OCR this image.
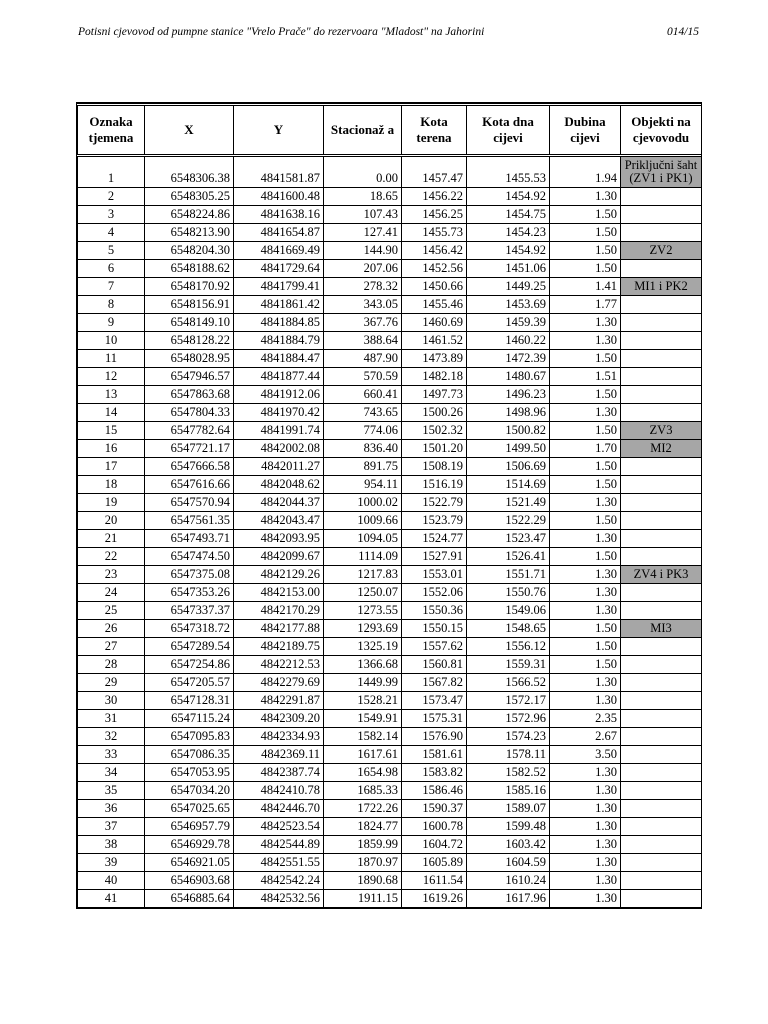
Potisni cjevovod od pumpne stanice "Vrelo Prače" do rezervoara "Mladost" na Jahorini	014/15
Oznaka tjemena	X	Y	Stacionaž a	Kota terena	Kota dna cijevi	Dubina cijevi	Objekti na cjevovodu
1	6548306.38	4841581.87	0.00	1457.47	1455.53	1.94	Priključni šaht (ZV1 i PK1)
2	6548305.25	4841600.48	18.65	1456.22	1454.92	1.30	
3	6548224.86	4841638.16	107.43	1456.25	1454.75	1.50	
4	6548213.90	4841654.87	127.41	1455.73	1454.23	1.50	
5	6548204.30	4841669.49	144.90	1456.42	1454.92	1.50	ZV2
6	6548188.62	4841729.64	207.06	1452.56	1451.06	1.50	
7	6548170.92	4841799.41	278.32	1450.66	1449.25	1.41	MI1 i PK2
8	6548156.91	4841861.42	343.05	1455.46	1453.69	1.77	
9	6548149.10	4841884.85	367.76	1460.69	1459.39	1.30	
10	6548128.22	4841884.79	388.64	1461.52	1460.22	1.30	
11	6548028.95	4841884.47	487.90	1473.89	1472.39	1.50	
12	6547946.57	4841877.44	570.59	1482.18	1480.67	1.51	
13	6547863.68	4841912.06	660.41	1497.73	1496.23	1.50	
14	6547804.33	4841970.42	743.65	1500.26	1498.96	1.30	
15	6547782.64	4841991.74	774.06	1502.32	1500.82	1.50	ZV3
16	6547721.17	4842002.08	836.40	1501.20	1499.50	1.70	MI2
17	6547666.58	4842011.27	891.75	1508.19	1506.69	1.50	
18	6547616.66	4842048.62	954.11	1516.19	1514.69	1.50	
19	6547570.94	4842044.37	1000.02	1522.79	1521.49	1.30	
20	6547561.35	4842043.47	1009.66	1523.79	1522.29	1.50	
21	6547493.71	4842093.95	1094.05	1524.77	1523.47	1.30	
22	6547474.50	4842099.67	1114.09	1527.91	1526.41	1.50	
23	6547375.08	4842129.26	1217.83	1553.01	1551.71	1.30	ZV4 i PK3
24	6547353.26	4842153.00	1250.07	1552.06	1550.76	1.30	
25	6547337.37	4842170.29	1273.55	1550.36	1549.06	1.30	
26	6547318.72	4842177.88	1293.69	1550.15	1548.65	1.50	MI3
27	6547289.54	4842189.75	1325.19	1557.62	1556.12	1.50	
28	6547254.86	4842212.53	1366.68	1560.81	1559.31	1.50	
29	6547205.57	4842279.69	1449.99	1567.82	1566.52	1.30	
30	6547128.31	4842291.87	1528.21	1573.47	1572.17	1.30	
31	6547115.24	4842309.20	1549.91	1575.31	1572.96	2.35	
32	6547095.83	4842334.93	1582.14	1576.90	1574.23	2.67	
33	6547086.35	4842369.11	1617.61	1581.61	1578.11	3.50	
34	6547053.95	4842387.74	1654.98	1583.82	1582.52	1.30	
35	6547034.20	4842410.78	1685.33	1586.46	1585.16	1.30	
36	6547025.65	4842446.70	1722.26	1590.37	1589.07	1.30	
37	6546957.79	4842523.54	1824.77	1600.78	1599.48	1.30	
38	6546929.78	4842544.89	1859.99	1604.72	1603.42	1.30	
39	6546921.05	4842551.55	1870.97	1605.89	1604.59	1.30	
40	6546903.68	4842542.24	1890.68	1611.54	1610.24	1.30	
41	6546885.64	4842532.56	1911.15	1619.26	1617.96	1.30	
